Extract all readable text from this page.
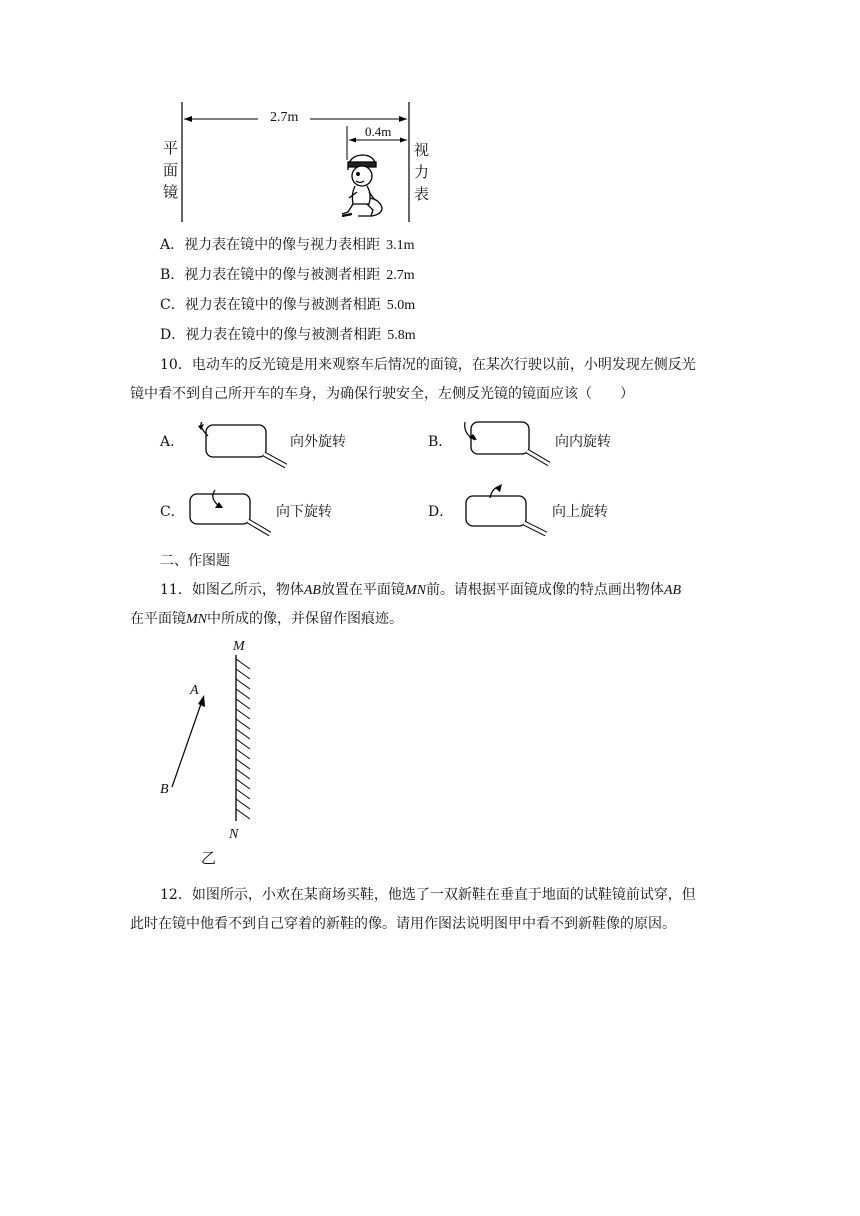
平
面
镜
视
力
表
2.7m
0.4m
A．视力表在镜中的像与视力表相距 3.1m
B．视力表在镜中的像与被测者相距 2.7m
C．视力表在镜中的像与被测者相距 5.0m
D．视力表在镜中的像与被测者相距 5.8m
10．电动车的反光镜是用来观察车后情况的面镜，在某次行驶以前，小明发现左侧反光
镜中看不到自己所开车的车身，为确保行驶安全，左侧反光镜的镜面应该（　　）
A．	向外旋转	B．	向内旋转
C．	向下旋转	D．	向上旋转
二、作图题
11．如图乙所示，物体AB放置在平面镜MN前。请根据平面镜成像的特点画出物体AB
在平面镜MN中所成的像，并保留作图痕迹。
M
N
A
B
乙
12．如图所示，小欢在某商场买鞋，他选了一双新鞋在垂直于地面的试鞋镜前试穿，但
此时在镜中他看不到自己穿着的新鞋的像。请用作图法说明图甲中看不到新鞋像的原因。
